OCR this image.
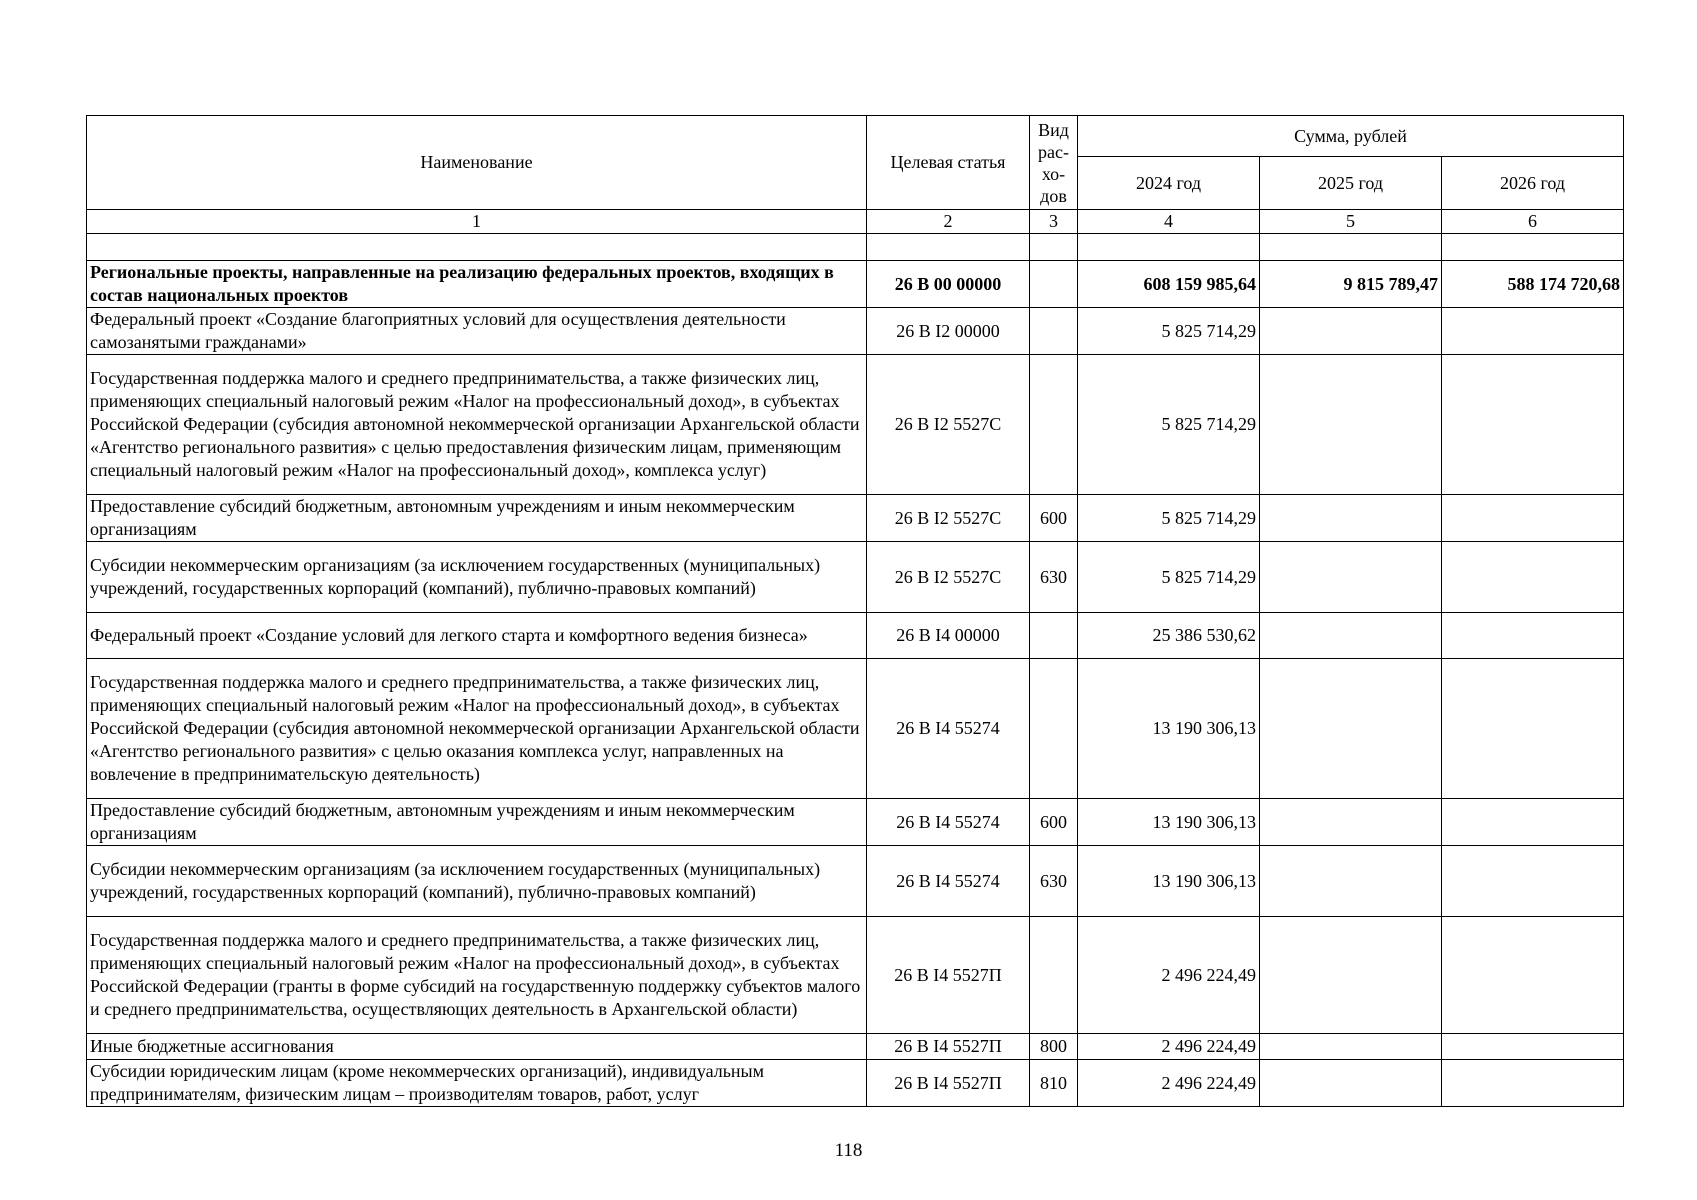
Наименование	Целевая статья	Вид рас-хо-дов	Сумма, рублей		
			2024 год	2025 год	2026 год
1	2	3	4	5	6

Региональные проекты, направленные на реализацию федеральных проектов, входящих в состав национальных проектов	26 В 00 00000		608 159 985,64	9 815 789,47	588 174 720,68
Федеральный проект «Создание благоприятных условий для осуществления деятельности самозанятыми гражданами»	26 В I2 00000		5 825 714,29		
Государственная поддержка малого и среднего предпринимательства, а также физических лиц, применяющих специальный налоговый режим «Налог на профессиональный доход», в субъектах Российской Федерации (субсидия автономной некоммерческой организации Архангельской области «Агентство регионального развития» с целью предоставления физическим лицам, применяющим специальный налоговый режим «Налог на профессиональный доход», комплекса услуг)	26 В I2 5527С		5 825 714,29		
Предоставление субсидий бюджетным, автономным учреждениям и иным некоммерческим организациям	26 В I2 5527С	600	5 825 714,29		
Субсидии некоммерческим организациям (за исключением государственных (муниципальных) учреждений, государственных корпораций (компаний), публично-правовых компаний)	26 В I2 5527С	630	5 825 714,29		
Федеральный проект «Создание условий для легкого старта и комфортного ведения бизнеса»	26 В I4 00000		25 386 530,62		
Государственная поддержка малого и среднего предпринимательства, а также физических лиц, применяющих специальный налоговый режим «Налог на профессиональный доход», в субъектах Российской Федерации (субсидия автономной некоммерческой организации Архангельской области «Агентство регионального развития» с целью оказания комплекса услуг, направленных на вовлечение в предпринимательскую деятельность)	26 В I4 55274		13 190 306,13		
Предоставление субсидий бюджетным, автономным учреждениям и иным некоммерческим организациям	26 В I4 55274	600	13 190 306,13		
Субсидии некоммерческим организациям (за исключением государственных (муниципальных) учреждений, государственных корпораций (компаний), публично-правовых компаний)	26 В I4 55274	630	13 190 306,13		
Государственная поддержка малого и среднего предпринимательства, а также физических лиц, применяющих специальный налоговый режим «Налог на профессиональный доход», в субъектах Российской Федерации (гранты в форме субсидий на государственную поддержку субъектов малого и среднего предпринимательства, осуществляющих деятельность в Архангельской области)	26 В I4 5527П		2 496 224,49		
Иные бюджетные ассигнования	26 В I4 5527П	800	2 496 224,49		
Субсидии юридическим лицам (кроме некоммерческих организаций), индивидуальным предпринимателям, физическим лицам – производителям товаров, работ, услуг	26 В I4 5527П	810	2 496 224,49		
118
